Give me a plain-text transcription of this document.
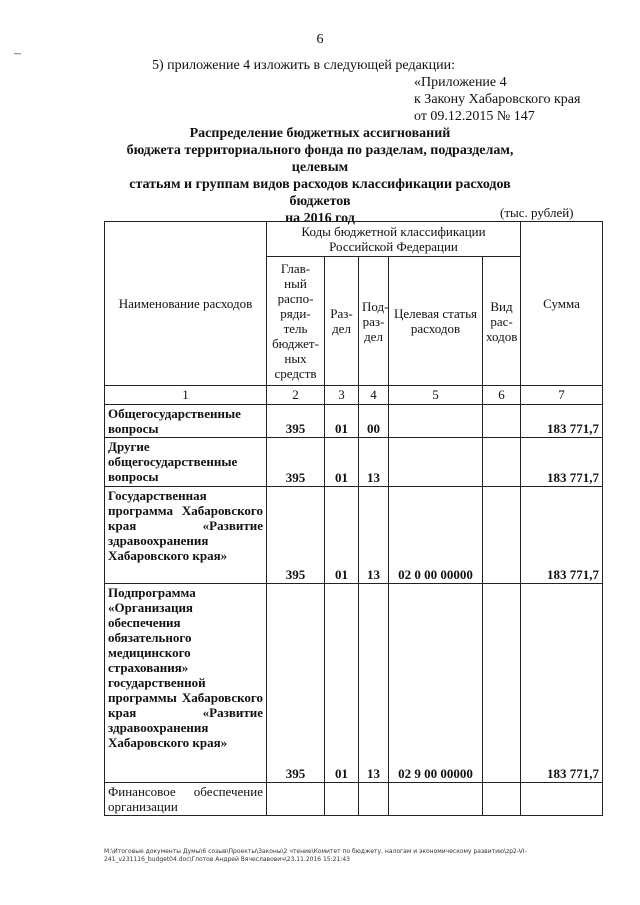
6
–
5) приложение 4 изложить в следующей редакции:
«Приложение 4
к Закону Хабаровского края
от 09.12.2015 № 147
Распределение бюджетных ассигнований
бюджета территориального фонда по разделам, подразделам, целевым
статьям и группам видов расходов классификации расходов бюджетов
на 2016 год	(тыс. рублей)
Наименование расходов	Коды бюджетной классификации Российской Федерации					Сумма
	Глав-ный распо-ряди-тель бюджет-ных средств	Раз-дел	Под-раз-дел	Целевая статья расходов	Вид рас-ходов	
1	2	3	4	5	6	7
Общегосударственные вопросы	395	01	00			183 771,7
Другие общегосударственные вопросы	395	01	13			183 771,7
Государственная программа Хабаровского края «Развитие здравоохранения Хабаровского края»	395	01	13	02 0 00 00000		183 771,7
Подпрограмма «Организация обеспечения обязательного медицинского страхования» государственной программы Хабаровского края «Развитие здравоохранения Хабаровского края»	395	01	13	02 9 00 00000		183 771,7
Финансовое обеспечение организации						
М:\Итоговые документы Думы\6 созыв\Проекты\Законы\2 чтение\Комитет по бюджету, налогам и экономическому развитию\zp2-VI-241_v231116_budget04.doc\Глотов Андрей Вячеславович\23.11.2016 15:21:43
